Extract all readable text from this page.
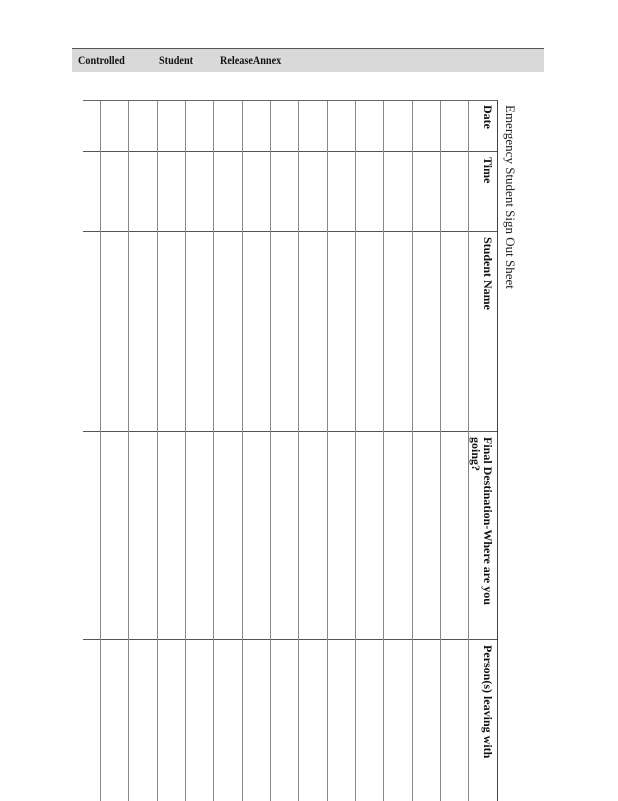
Controlled	Student ReleaseAnnex
Emergency Student Sign Out Sheet
Date
Time
Student Name
Final Destination-Where are you going?
Person(s) leaving with
